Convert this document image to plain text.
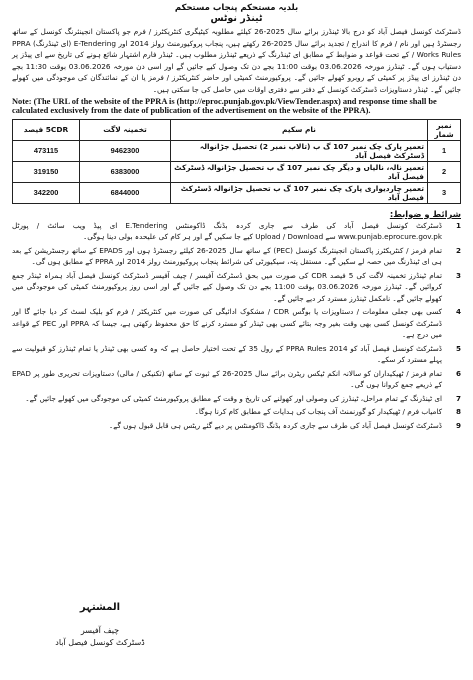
بلدیہ مستحکم پنجاب مستحکم
ٹینڈر نوٹس
ڈسٹرکٹ کونسل فیصل آباد کو درج بالا ٹینڈرز برائے سال 2025-26 کیلئے مطلوبہ کیٹیگری کنٹریکٹرز / فرم جو پاکستان انجینئرنگ کونسل کے ساتھ رجسٹرڈ ہیں اور نام / فرم کا اندراج / تجدید برائے سال 2025-26 رکھتے ہیں، پنجاب پروکیورمنٹ رولز 2014 اور E-Tendering (ای ٹینڈرنگ) PPRA / Works Rules کے تحت قواعد و ضوابط کے مطابق ای ٹینڈرنگ کے ذریعے ٹینڈرز مطلوب ہیں۔ ٹینڈر فارم اشتہار شائع ہونے کی تاریخ سے ای پیڈز پر دستیاب ہوں گے۔ ٹینڈرز مورخہ 03.06.2026 بوقت 11:00 بجے دن تک وصول کیے جائیں گے اور اسی دن مورخہ 03.06.2026 بوقت 11:30 بجے دن ٹینڈرز ای پیڈز پر کمیٹی کے روبرو کھولے جائیں گے۔ پروکیورمنٹ کمیٹی اور حاضر کنٹریکٹرز / فرمز یا ان کے نمائندگان کی موجودگی میں کھولے جائیں گے۔ ٹینڈر دستاویزات ڈسٹرکٹ کونسل کے دفتر سے دفتری اوقات میں حاصل کی جا سکتی ہیں۔
Note: (The URL of the website of the PPRA is (http://eproc.punjab.gov.pk/ViewTender.aspx) and response time shall be calculated exclusively from the date of publication of the advertisement on the website of the PPRA).
نمبر شمار	نام سکیم	تخمینہ لاگت	5CDR فیصد
1	تعمیر پارک چک نمبر 107 گ ب (تالاب نمبر 2) تحصیل جڑانوالہ ڈسٹرکٹ فیصل آباد	9462300	473115
2	تعمیر نالہ، نالیاں و دیگر چک نمبر 107 گ ب تحصیل جڑانوالہ ڈسٹرکٹ فیصل آباد	6383000	319150
3	تعمیر چاردیواری پارک چک نمبر 107 گ ب تحصیل جڑانوالہ ڈسٹرکٹ فیصل آباد	6844000	342200
شرائط و ضوابط:
1
ڈسٹرکٹ کونسل فیصل آباد کی طرف سے جاری کردہ بڈنگ ڈاکومنٹس E.Tendering ای پیڈ ویب سائٹ / پورٹل www.punjab.eprocure.gov.pk سے Upload / Download کیے جا سکیں گے اور ہر کام کی علیحدہ بولی دینا ہوگی۔
2
تمام فرمز / کنٹریکٹرز پاکستان انجینئرنگ کونسل (PEC) کے ساتھ سال 2025-26 کیلئے رجسٹرڈ ہوں اور EPADS کے ساتھ رجسٹریشن کے بعد ہی ای ٹینڈرنگ میں حصہ لے سکیں گے۔ مستقل پتہ، سیکیورٹی کی شرائط پنجاب پروکیورمنٹ رولز 2014 اور PPRA کے مطابق ہوں گی۔
3
تمام ٹینڈرز تخمینہ لاگت کی 5 فیصد CDR کی صورت میں بحق ڈسٹرکٹ آفیسر / چیف آفیسر ڈسٹرکٹ کونسل فیصل آباد ہمراہ ٹینڈر جمع کروائیں گے۔ ٹینڈرز مورخہ 03.06.2026 بوقت 11:00 بجے دن تک وصول کیے جائیں گے اور اسی روز پروکیورمنٹ کمیٹی کی موجودگی میں کھولے جائیں گے۔ نامکمل ٹینڈرز مسترد کر دیے جائیں گے۔
4
کسی بھی جعلی معلومات / دستاویزات یا بوگس CDR / مشکوک ادائیگی کی صورت میں کنٹریکٹر / فرم کو بلیک لسٹ کر دیا جائے گا اور ڈسٹرکٹ کونسل کسی بھی وقت بغیر وجہ بتائے کسی بھی ٹینڈر کو مسترد کرنے کا حق محفوظ رکھتی ہے، جیسا کہ PPRA اور PEC کے قواعد میں درج ہے۔
5
ڈسٹرکٹ کونسل فیصل آباد کو PPRA Rules 2014 کے رول 35 کے تحت اختیار حاصل ہے کہ وہ کسی بھی ٹینڈر یا تمام ٹینڈرز کو قبولیت سے پہلے مسترد کر سکے۔
6
تمام فرمز / ٹھیکیداران کو سالانہ انکم ٹیکس ریٹرن برائے سال 2025-26 کے ثبوت کے ساتھ (تکنیکی / مالی) دستاویزات تحریری طور پر EPAD کے ذریعے جمع کروانا ہوں گی۔
7
ای ٹینڈرنگ کے تمام مراحل، ٹینڈرز کی وصولی اور کھولنے کی تاریخ و وقت کے مطابق پروکیورمنٹ کمیٹی کی موجودگی میں کھولے جائیں گے۔
8
کامیاب فرم / ٹھیکیدار کو گورنمنٹ آف پنجاب کی ہدایات کے مطابق کام کرنا ہوگا۔
9
ڈسٹرکٹ کونسل فیصل آباد کی طرف سے جاری کردہ بڈنگ ڈاکومنٹس پر دیے گئے ریٹس ہی قابل قبول ہوں گے۔
المشتہر
چیف آفیسر
ڈسٹرکٹ کونسل فیصل آباد
